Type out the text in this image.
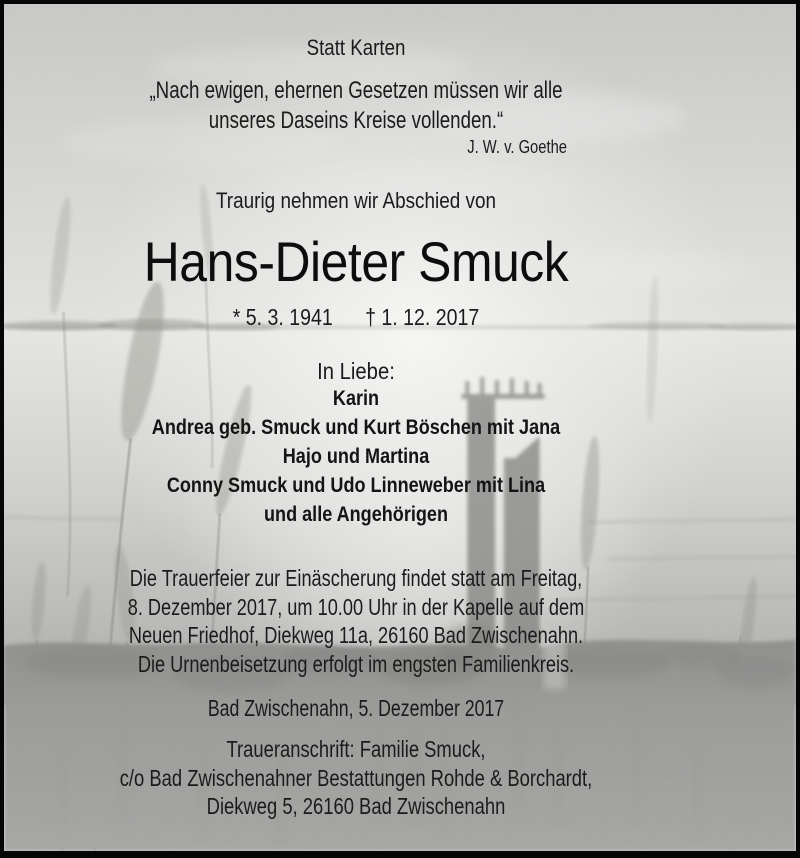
Statt Karten
„Nach ewigen, ehernen Gesetzen müssen wir alle
unseres Daseins Kreise vollenden.“
J. W. v. Goethe
Traurig nehmen wir Abschied von
Hans-Dieter Smuck
* 5. 3. 1941 † 1. 12. 2017
In Liebe:
Karin
Andrea geb. Smuck und Kurt Böschen mit Jana
Hajo und Martina
Conny Smuck und Udo Linneweber mit Lina
und alle Angehörigen
Die Trauerfeier zur Einäscherung findet statt am Freitag,
8. Dezember 2017, um 10.00 Uhr in der Kapelle auf dem
Neuen Friedhof, Diekweg 11a, 26160 Bad Zwischenahn.
Die Urnenbeisetzung erfolgt im engsten Familienkreis.
Bad Zwischenahn, 5. Dezember 2017
Traueranschrift: Familie Smuck,
c/o Bad Zwischenahner Bestattungen Rohde & Borchardt,
Diekweg 5, 26160 Bad Zwischenahn
